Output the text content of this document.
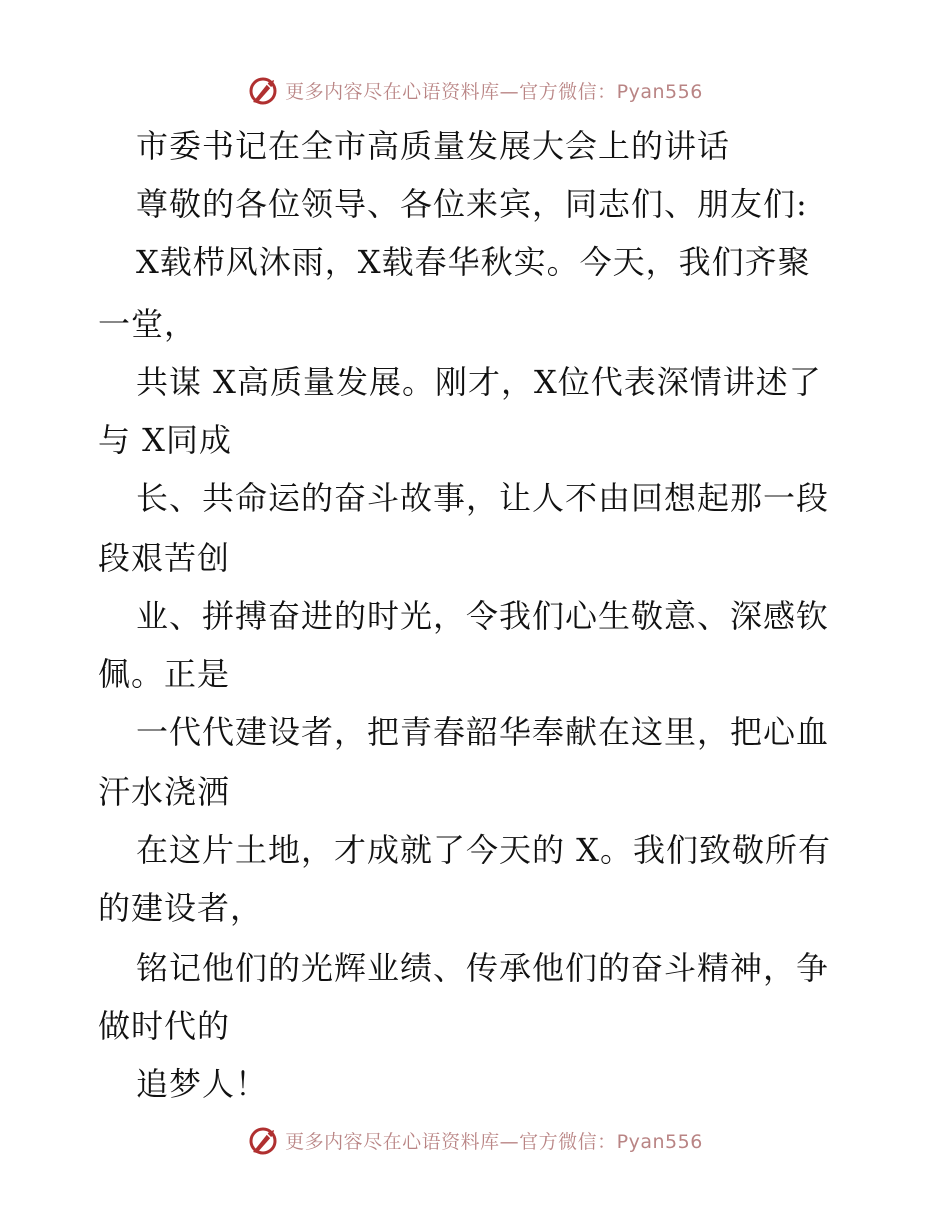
更多内容尽在心语资料库—官方微信：Pyan556
市委书记在全市高质量发展大会上的讲话
尊敬的各位领导、各位来宾，同志们、朋友们:
X载栉风沐雨，X载春华秋实。今天，我们齐聚
一堂，
共谋 X高质量发展。刚才，X位代表深情讲述了
与 X同成
长、共命运的奋斗故事，让人不由回想起那一段
段艰苦创
业、拼搏奋进的时光，令我们心生敬意、深感钦
佩。正是
一代代建设者，把青春韶华奉献在这里，把心血
汗水浇洒
在这片土地，才成就了今天的 X。我们致敬所有
的建设者，
铭记他们的光辉业绩、传承他们的奋斗精神，争
做时代的
追梦人！
更多内容尽在心语资料库—官方微信：Pyan556
